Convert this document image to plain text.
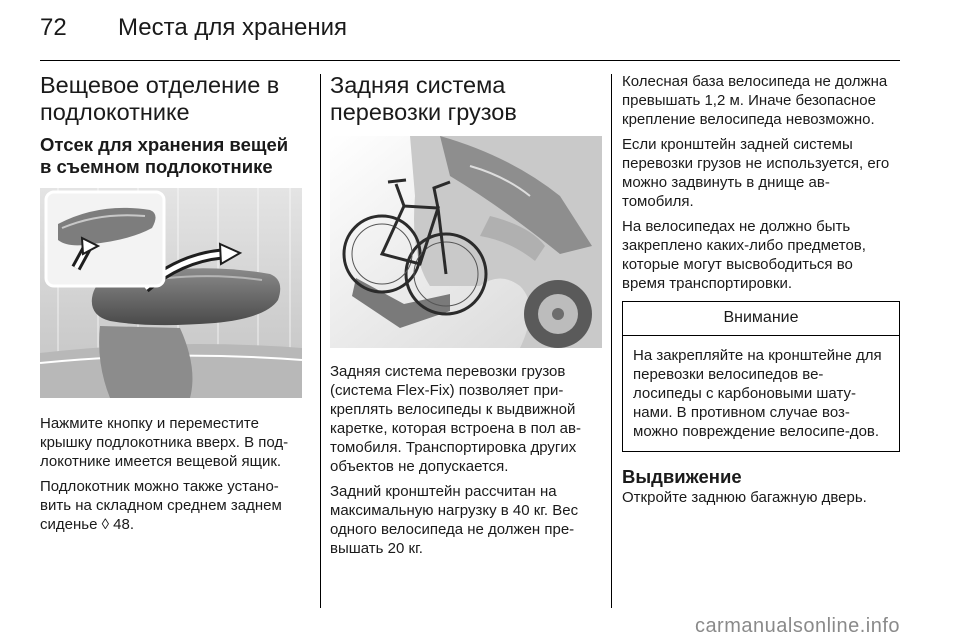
72 Места для хранения
Вещевое отделение в подлокотнике
Отсек для хранения вещей в съемном подлокотнике

Нажмите кнопку и переместите крышку подлокотника вверх. В под-локотнике имеется вещевой ящик.

Подлокотник можно также устано-вить на складном среднем заднем сиденье ◊ 48.

Задняя система перевозки грузов

Задняя система перевозки грузов (система Flex-Fix) позволяет при-креплять велосипеды к выдвижной каретке, которая встроена в пол ав-томобиля. Транспортировка других объектов не допускается.

Задний кронштейн рассчитан на максимальную нагрузку в 40 кг. Вес одного велосипеда не должен пре-вышать 20 кг.

Колесная база велосипеда не должна превышать 1,2 м. Иначе безопасное крепление велосипеда невозможно.

Если кронштейн задней системы перевозки грузов не используется, его можно задвинуть в днище ав-томобиля.

На велосипедах не должно быть закреплено каких-либо предметов, которые могут высвободиться во время транспортировки.

Внимание

На закрепляйте на кронштейне для перевозки велосипедов ве-лосипеды с карбоновыми шату-нами. В противном случае воз-можно повреждение велосипе-дов.

Выдвижение

Откройте заднюю багажную дверь.

carmanualsonline.info
